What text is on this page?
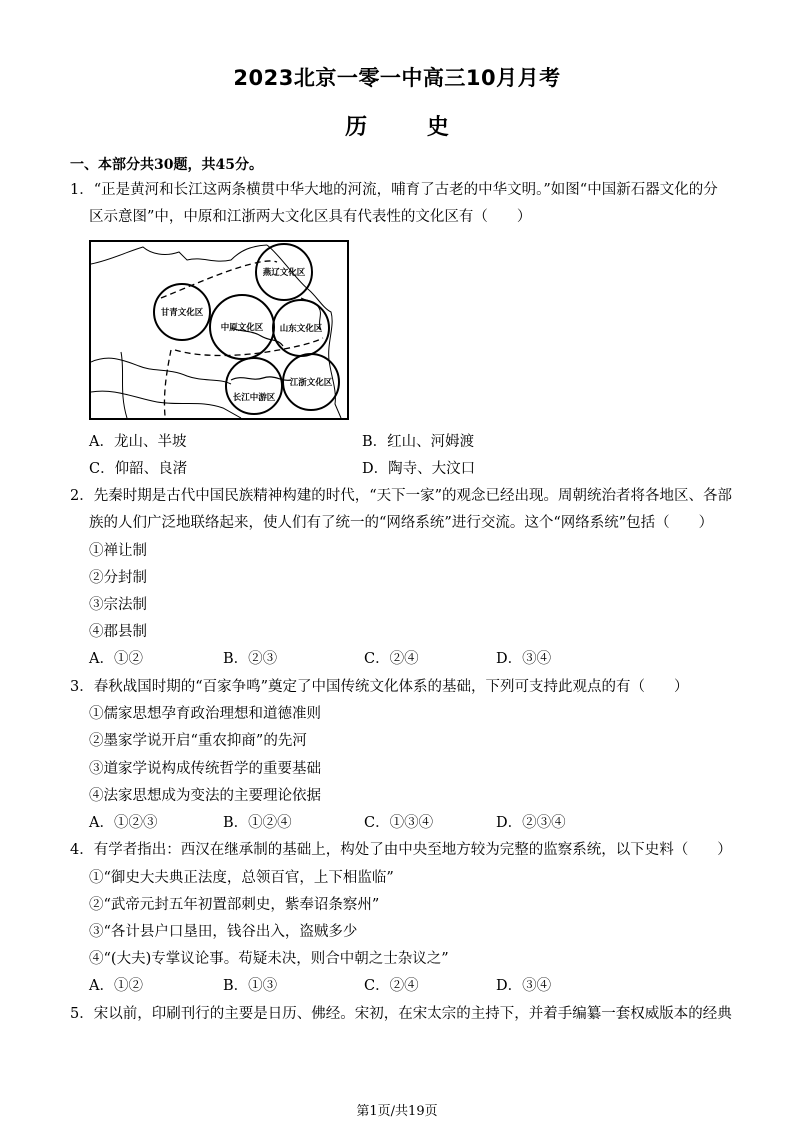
2023北京一零一中高三10月月考
历 史
一、本部分共30题，共45分。
1．“正是黄河和长江这两条横贯中华大地的河流，哺育了古老的中华文明。”如图“中国新石器文化的分
区示意图”中，中原和江浙两大文化区具有代表性的文化区有（　　）
燕辽文化区
甘青文化区
中原文化区 山东文化区
长江中游区
江浙文化区
A．龙山、半坡	B．红山、河姆渡
C．仰韶、良渚	D．陶寺、大汶口
2．先秦时期是古代中国民族精神构建的时代，“天下一家”的观念已经出现。周朝统治者将各地区、各部
族的人们广泛地联络起来，使人们有了统一的“网络系统”进行交流。这个“网络系统”包括（　　）
①禅让制
②分封制
③宗法制
④郡县制
A．①②	B．②③	C．②④	D．③④
3．春秋战国时期的“百家争鸣”奠定了中国传统文化体系的基础，下列可支持此观点的有（　　）
①儒家思想孕育政治理想和道德准则
②墨家学说开启“重农抑商”的先河
③道家学说构成传统哲学的重要基础
④法家思想成为变法的主要理论依据
A．①②③	B．①②④	C．①③④	D．②③④
4．有学者指出：西汉在继承制的基础上，构处了由中央至地方较为完整的监察系统，以下史料（　　）
①“御史大夫典正法度，总领百官，上下相监临”
②“武帝元封五年初置部刺史，紫奉诏条察州”
③“各计县户口垦田，钱谷出入，盗贼多少
④“(大夫)专掌议论事。苟疑未决，则合中朝之士杂议之”
A．①②	B．①③	C．②④	D．③④
5．宋以前，印刷刊行的主要是日历、佛经。宋初，在宋太宗的主持下，并着手编纂一套权威版本的经典
第1页/共19页
